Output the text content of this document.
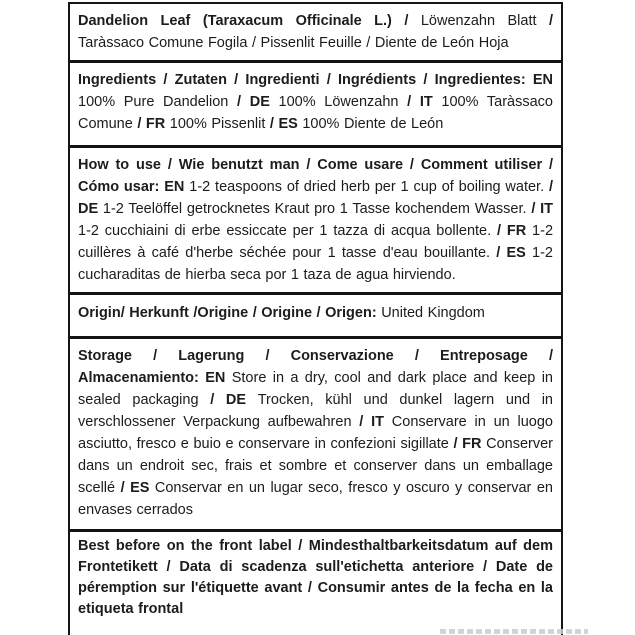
Dandelion Leaf (Taraxacum Officinale L.) / Löwenzahn Blatt / Taràssaco Comune Fogila / Pissenlit Feuille / Diente de León Hoja

Ingredients / Zutaten / Ingredienti / Ingrédients / Ingredientes: EN 100% Pure Dandelion / DE 100% Löwenzahn / IT 100% Taràssaco Comune / FR 100% Pissenlit / ES 100% Diente de León

How to use / Wie benutzt man / Come usare / Comment utiliser / Cómo usar: EN 1-2 teaspoons of dried herb per 1 cup of boiling water. / DE 1-2 Teelöffel getrocknetes Kraut pro 1 Tasse kochendem Wasser. / IT 1-2 cucchiaini di erbe essiccate per 1 tazza di acqua bollente. / FR 1-2 cuillères à café d'herbe séchée pour 1 tasse d'eau bouillante. / ES 1-2 cucharaditas de hierba seca por 1 taza de agua hirviendo.

Origin/ Herkunft /Origine / Origine / Origen: United Kingdom

Storage / Lagerung / Conservazione / Entreposage / Almacenamiento: EN Store in a dry, cool and dark place and keep in sealed packaging / DE Trocken, kühl und dunkel lagern und in verschlossener Verpackung aufbewahren / IT Conservare in un luogo asciutto, fresco e buio e conservare in confezioni sigillate / FR Conserver dans un endroit sec, frais et sombre et conserver dans un emballage scellé / ES Conservar en un lugar seco, fresco y oscuro y conservar en envases cerrados

Best before on the front label / Mindesthaltbarkeitsdatum auf dem Frontetikett / Data di scadenza sull'etichetta anteriore / Date de péremption sur l'étiquette avant / Consumir antes de la fecha en la etiqueta frontal
